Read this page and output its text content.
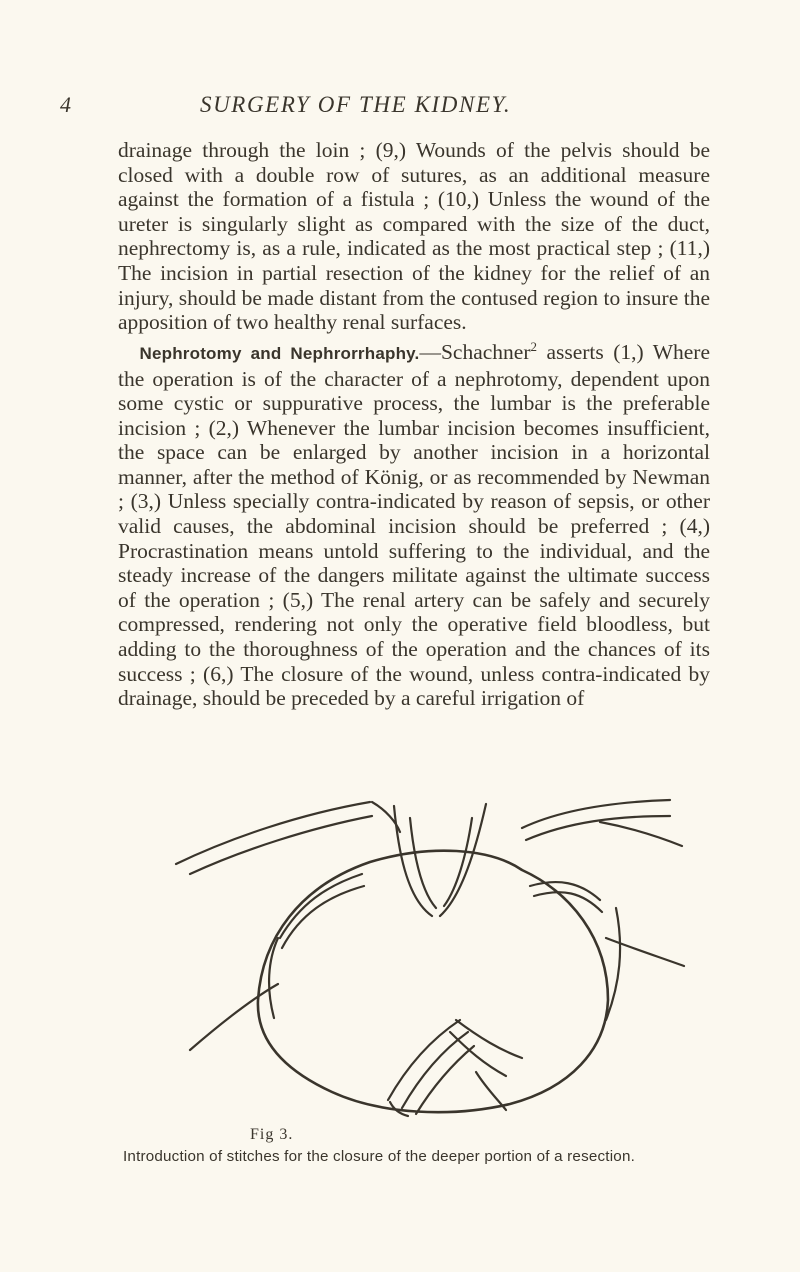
4	SURGERY OF THE KIDNEY.

drainage through the loin ; (9,) Wounds of the pelvis should be closed with a double row of sutures, as an additional measure against the formation of a fistula ; (10,) Unless the wound of the ureter is singularly slight as compared with the size of the duct, nephrectomy is, as a rule, indicated as the most practical step ; (11,) The incision in partial resection of the kidney for the relief of an injury, should be made distant from the contused region to insure the apposition of two healthy renal surfaces.

 Nephrotomy and Nephrorrhaphy.—Schachner$^2$ asserts (1,) Where the operation is of the character of a nephrotomy, dependent upon some cystic or suppurative process, the lumbar is the preferable incision ; (2,) Whenever the lumbar incision becomes insufficient, the space can be enlarged by another incision in a horizontal manner, after the method of König, or as recommended by Newman ; (3,) Unless specially contra-indicated by reason of sepsis, or other valid causes, the abdominal incision should be preferred ; (4,) Procrastination means untold suffering to the individual, and the steady increase of the dangers militate against the ultimate success of the operation ; (5,) The renal artery can be safely and securely compressed, rendering not only the operative field bloodless, but adding to the thoroughness of the operation and the chances of its success ; (6,) The closure of the wound, unless contra-indicated by drainage, should be preceded by a careful irrigation of

Fig 3.
Introduction of stitches for the closure of the deeper portion of a resection.
